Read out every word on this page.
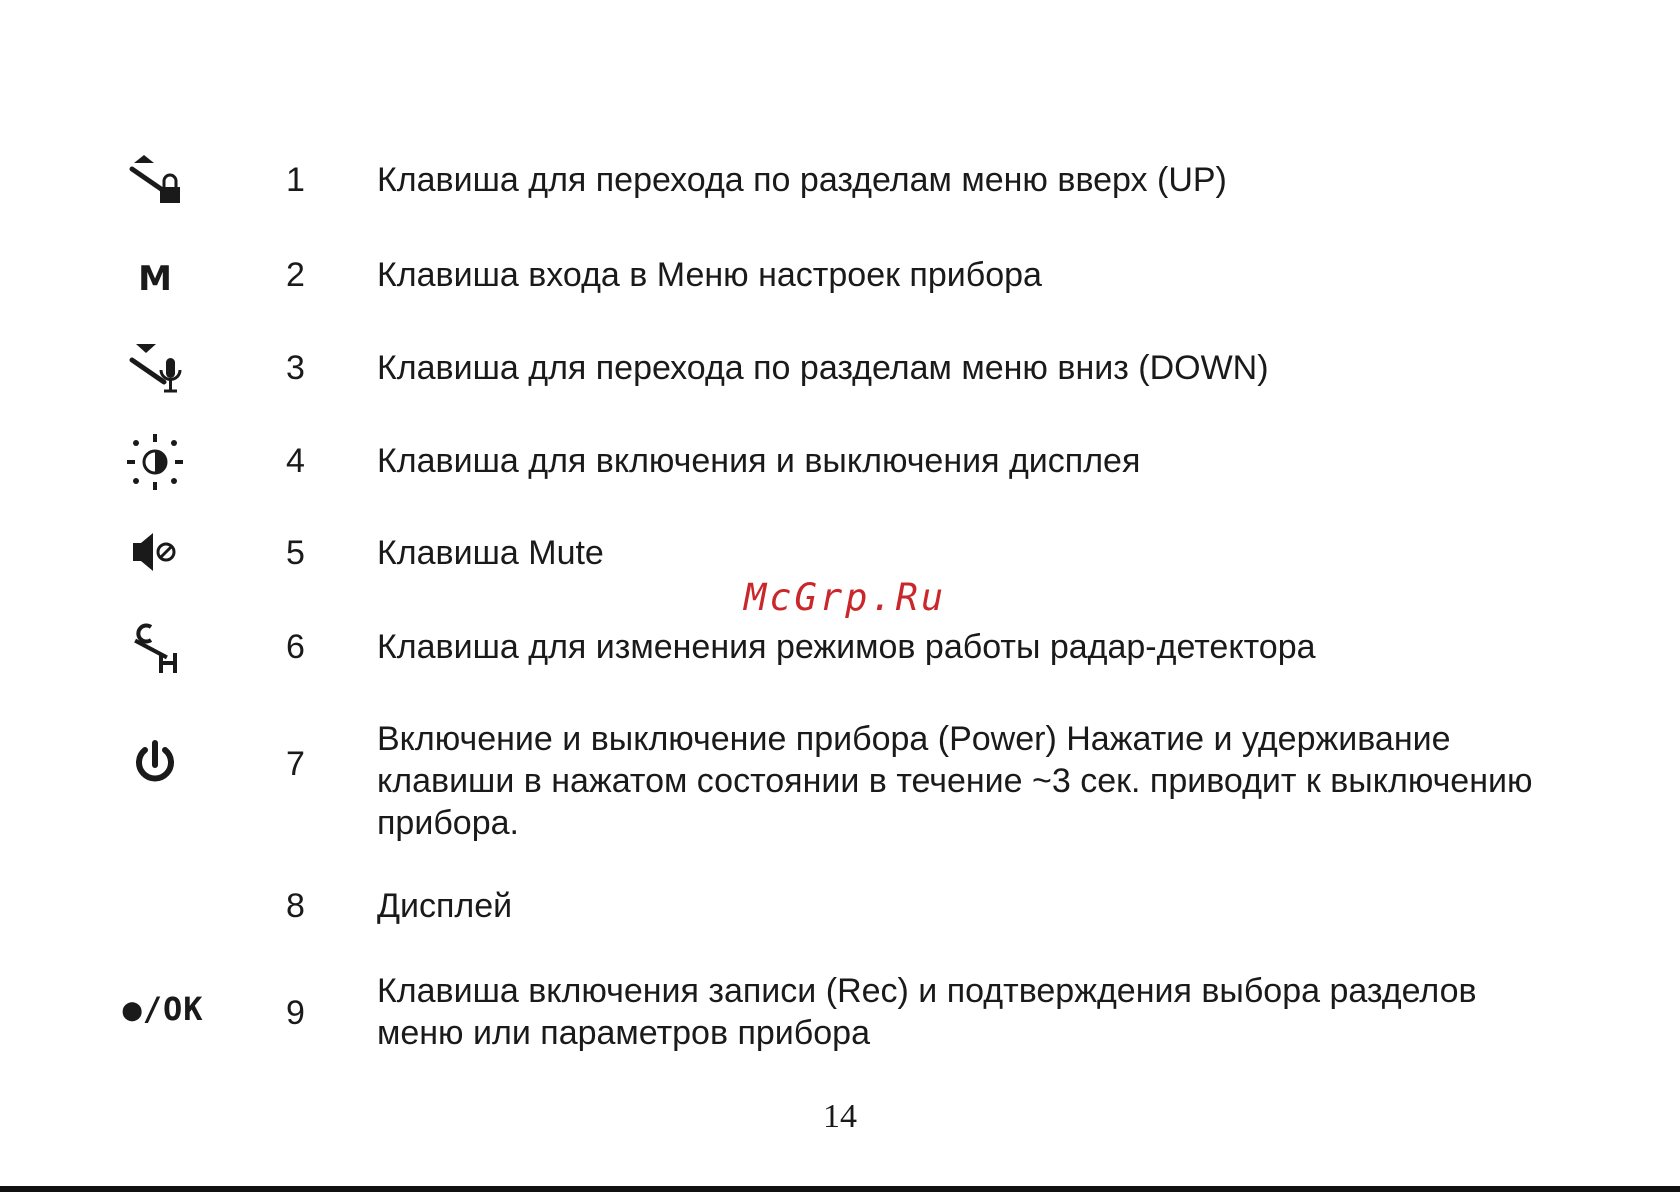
1 Клавиша для перехода по разделам меню вверх (UP)
M	2 Клавиша входа в Меню настроек прибора
3 Клавиша для перехода по разделам меню вниз (DOWN)
4 Клавиша для включения и выключения дисплея
5 Клавиша Mute
McGrp.Ru
6 Клавиша для изменения режимов работы радар-детектора
7
Включение и выключение прибора (Power) Нажатие и удерживание
клавиши в нажатом состоянии в течение ~3 сек. приводит к выключению
прибора.
8 Дисплей
●/OK 9
Клавиша включения записи (Rec) и подтверждения выбора разделов
меню или параметров прибора
14
